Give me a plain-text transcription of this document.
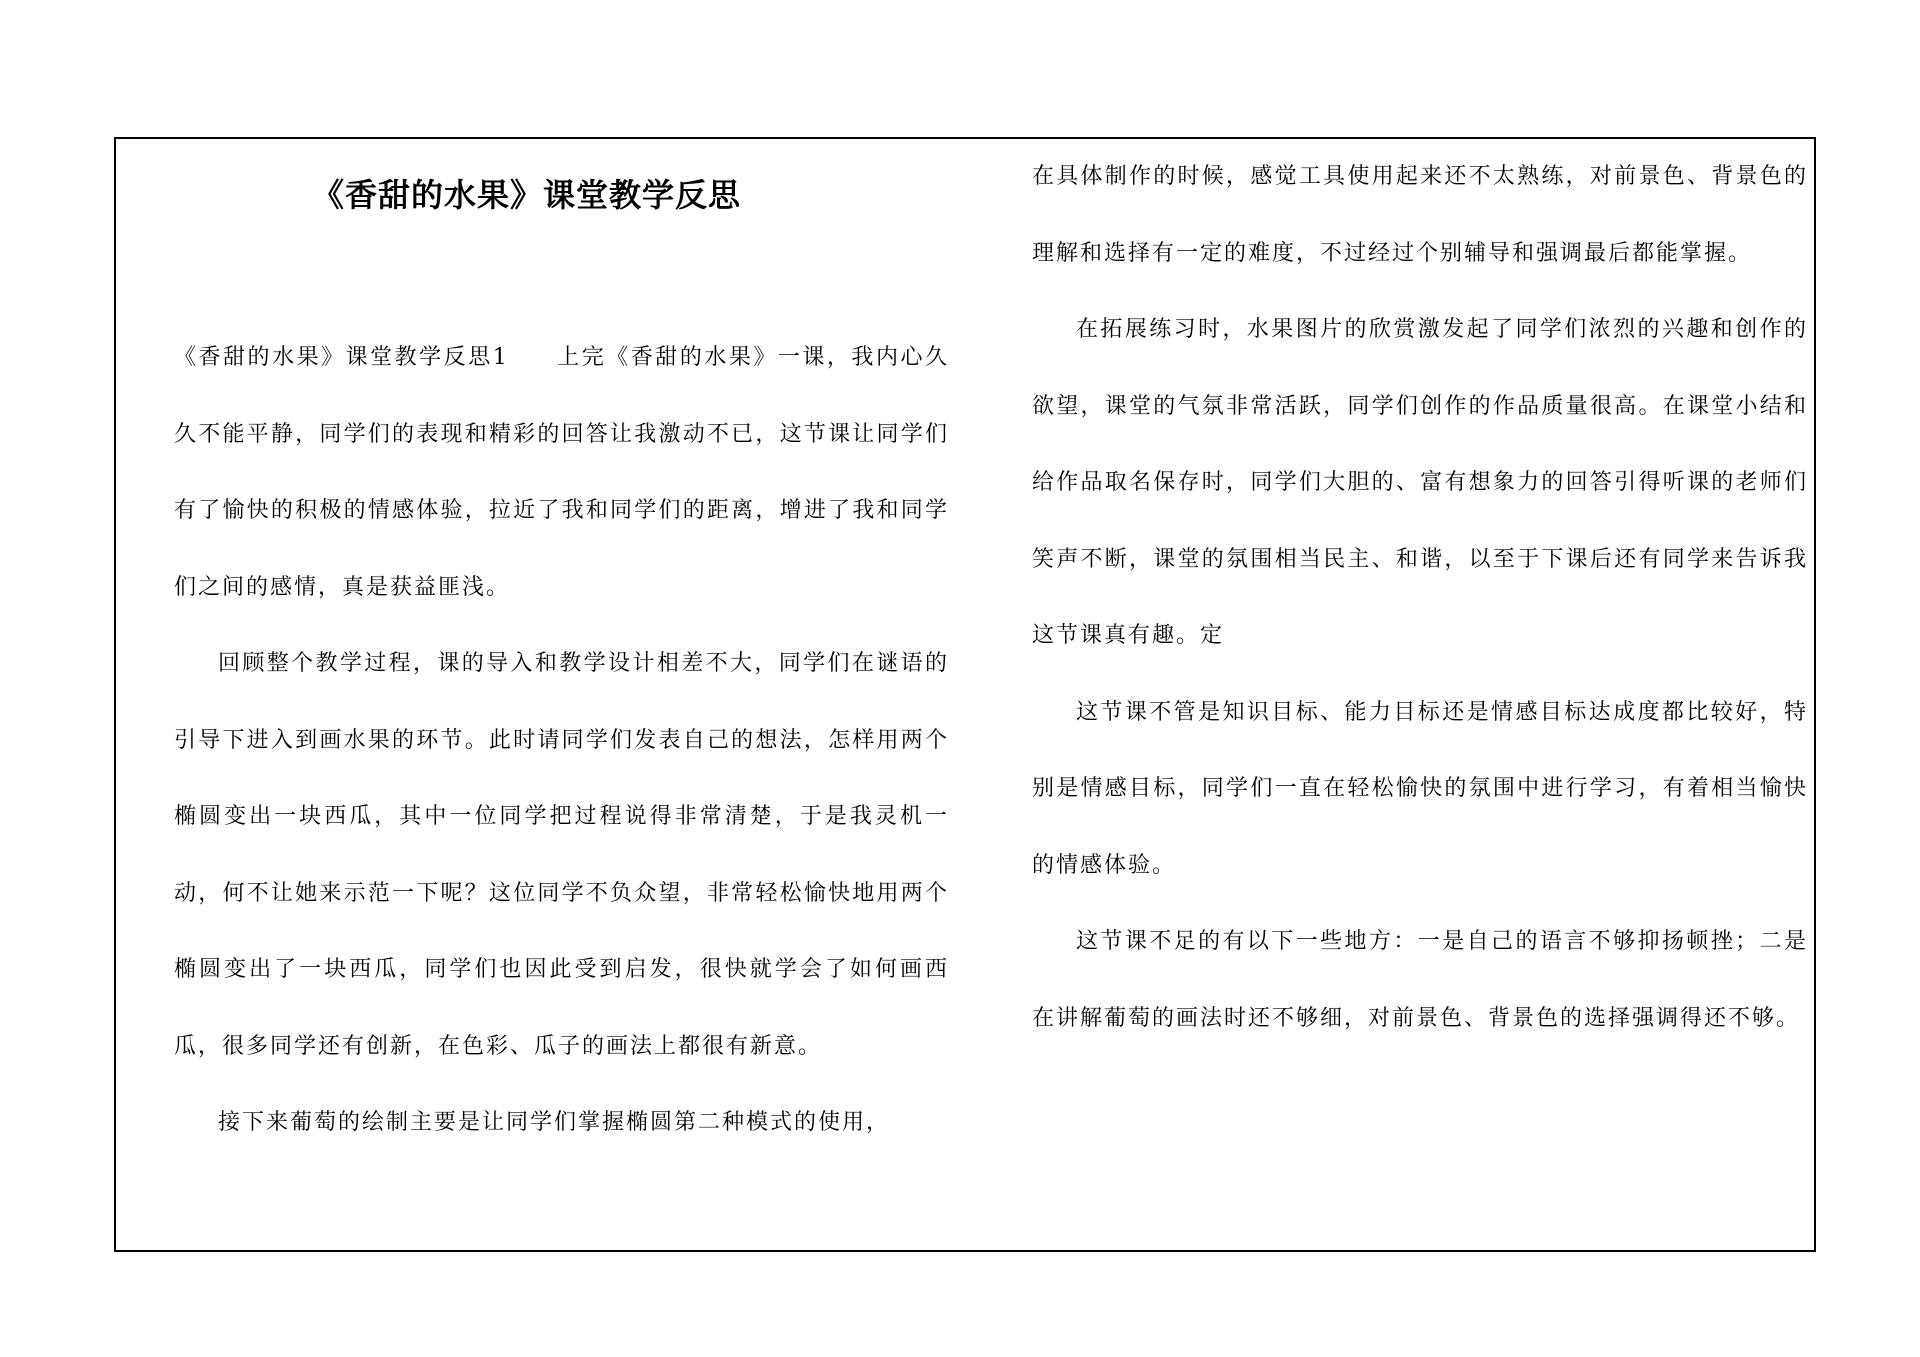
《香甜的水果》课堂教学反思

《香甜的水果》课堂教学反思1 上完《香甜的水果》一课，我内心久久不能平静，同学们的表现和精彩的回答让我激动不已，这节课让同学们有了愉快的积极的情感体验，拉近了我和同学们的距离，增进了我和同学们之间的感情，真是获益匪浅。

回顾整个教学过程，课的导入和教学设计相差不大，同学们在谜语的引导下进入到画水果的环节。此时请同学们发表自己的想法，怎样用两个椭圆变出一块西瓜，其中一位同学把过程说得非常清楚，于是我灵机一动，何不让她来示范一下呢？这位同学不负众望，非常轻松愉快地用两个椭圆变出了一块西瓜，同学们也因此受到启发，很快就学会了如何画西瓜，很多同学还有创新，在色彩、瓜子的画法上都很有新意。

接下来葡萄的绘制主要是让同学们掌握椭圆第二种模式的使用，

在具体制作的时候，感觉工具使用起来还不太熟练，对前景色、背景色的理解和选择有一定的难度，不过经过个别辅导和强调最后都能掌握。

在拓展练习时，水果图片的欣赏激发起了同学们浓烈的兴趣和创作的欲望，课堂的气氛非常活跃，同学们创作的作品质量很高。在课堂小结和给作品取名保存时，同学们大胆的、富有想象力的回答引得听课的老师们笑声不断，课堂的氛围相当民主、和谐，以至于下课后还有同学来告诉我这节课真有趣。定

这节课不管是知识目标、能力目标还是情感目标达成度都比较好，特别是情感目标，同学们一直在轻松愉快的氛围中进行学习，有着相当愉快的情感体验。

这节课不足的有以下一些地方：一是自己的语言不够抑扬顿挫；二是在讲解葡萄的画法时还不够细，对前景色、背景色的选择强调得还不够。
